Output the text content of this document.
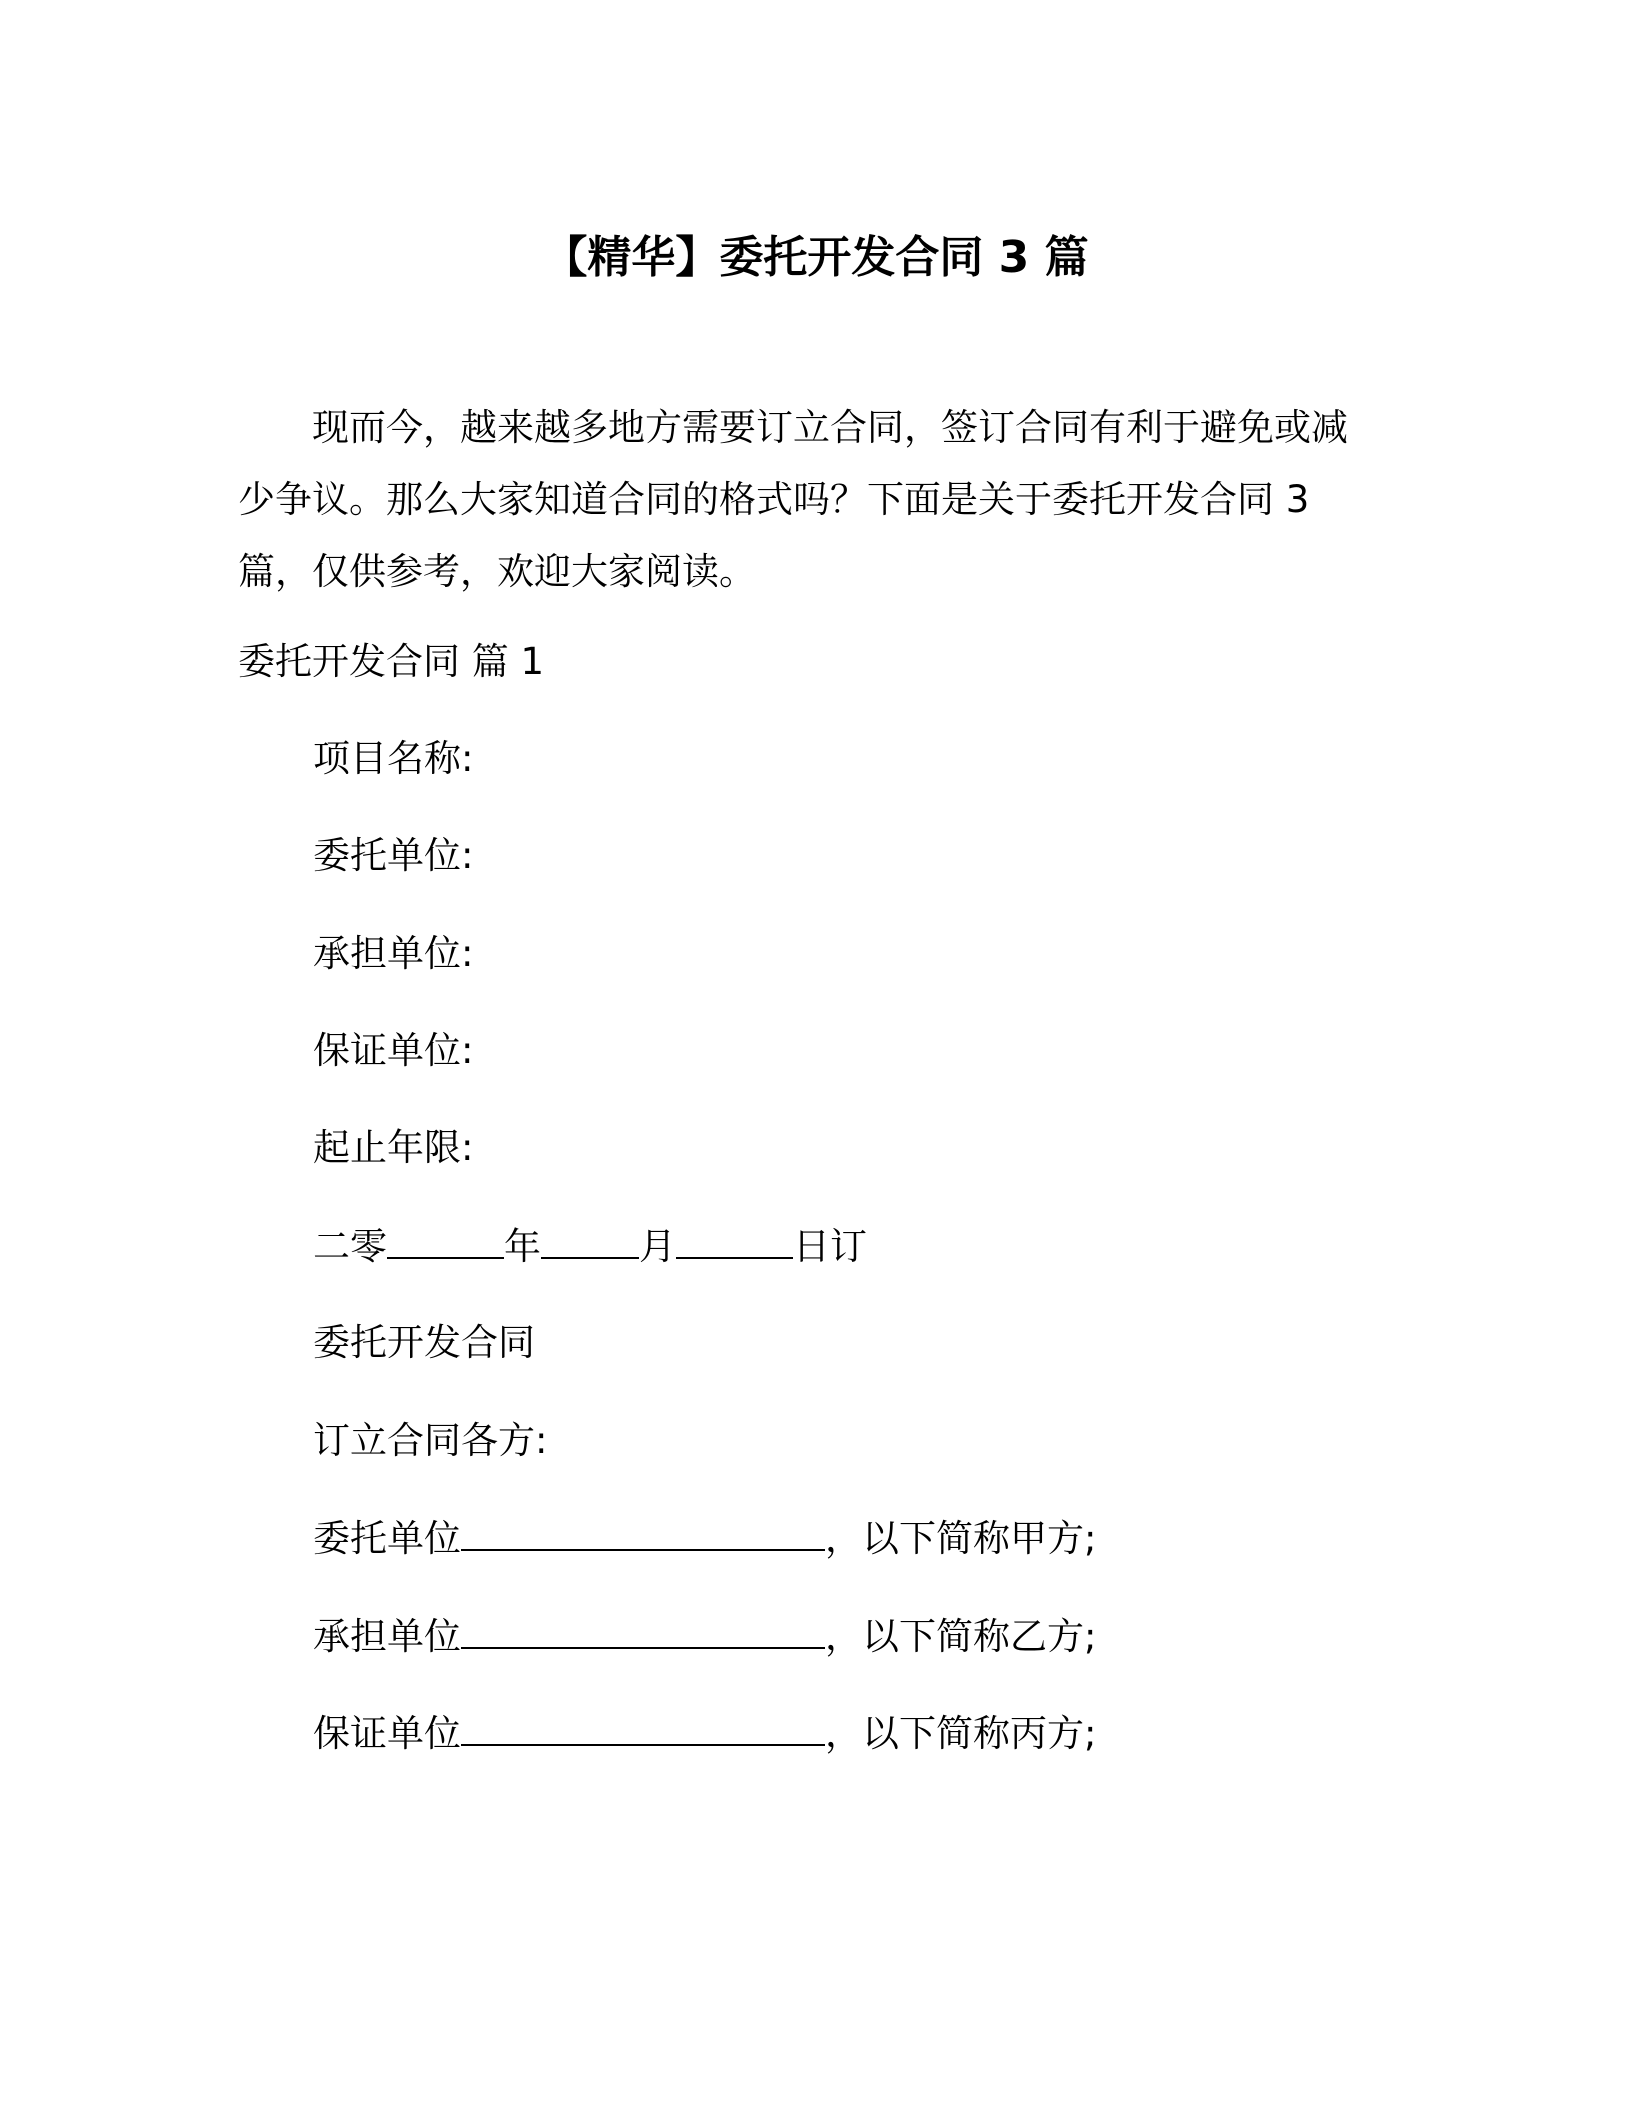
【精华】委托开发合同 3 篇
现而今，越来越多地方需要订立合同，签订合同有利于避免或减少争议。那么大家知道合同的格式吗？下面是关于委托开发合同 3 篇，仅供参考，欢迎大家阅读。
委托开发合同 篇 1
项目名称:
委托单位:
承担单位:
保证单位:
起止年限:
二零	年	月	日订
委托开发合同
订立合同各方:
委托单位	，以下简称甲方;
承担单位	，以下简称乙方;
保证单位	，以下简称丙方;
